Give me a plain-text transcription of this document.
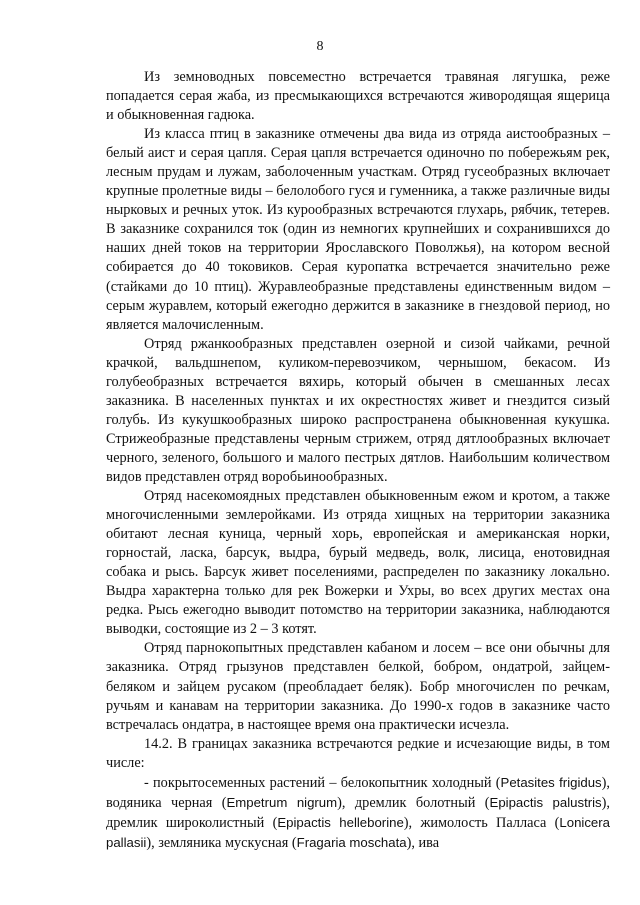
8

Из земноводных повсеместно встречается травяная лягушка, реже попадается серая жаба, из пресмыкающихся встречаются живородящая ящерица и обыкновенная гадюка.

Из класса птиц в заказнике отмечены два вида из отряда аистообразных – белый аист и серая цапля. Серая цапля встречается одиночно по побережьям рек, лесным прудам и лужам, заболоченным участкам. Отряд гусеобразных включает крупные пролетные виды – белолобого гуся и гуменника, а также различные виды нырковых и речных уток. Из курообразных встречаются глухарь, рябчик, тетерев. В заказнике сохранился ток (один из немногих крупнейших и сохранившихся до наших дней токов на территории Ярославского Поволжья), на котором весной собирается до 40 токовиков. Серая куропатка встречается значительно реже (стайками до 10 птиц). Журавлеобразные представлены единственным видом – серым журавлем, который ежегодно держится в заказнике в гнездовой период, но является малочисленным.

Отряд ржанкообразных представлен озерной и сизой чайками, речной крачкой, вальдшнепом, куликом-перевозчиком, чернышом, бекасом. Из голубеобразных встречается вяхирь, который обычен в смешанных лесах заказника. В населенных пунктах и их окрестностях живет и гнездится сизый голубь. Из кукушкообразных широко распространена обыкновенная кукушка. Стрижеобразные представлены черным стрижем, отряд дятлообразных включает черного, зеленого, большого и малого пестрых дятлов. Наибольшим количеством видов представлен отряд воробьинообразных.

Отряд насекомоядных представлен обыкновенным ежом и кротом, а также многочисленными землеройками. Из отряда хищных на территории заказника обитают лесная куница, черный хорь, европейская и американская норки, горностай, ласка, барсук, выдра, бурый медведь, волк, лисица, енотовидная собака и рысь. Барсук живет поселениями, распределен по заказнику локально. Выдра характерна только для рек Вожерки и Ухры, во всех других местах она редка. Рысь ежегодно выводит потомство на территории заказника, наблюдаются выводки, состоящие из 2 – 3 котят.

Отряд парнокопытных представлен кабаном и лосем – все они обычны для заказника. Отряд грызунов представлен белкой, бобром, ондатрой, зайцем-беляком и зайцем русаком (преобладает беляк). Бобр многочислен по речкам, ручьям и канавам на территории заказника. До 1990-х годов в заказнике часто встречалась ондатра, в настоящее время она практически исчезла.

14.2. В границах заказника встречаются редкие и исчезающие виды, в том числе:

- покрытосеменных растений – белокопытник холодный (Petasites frigidus), водяника черная (Empetrum nigrum), дремлик болотный (Epipactis palustris), дремлик широколистный (Epipactis helleborine), жимолость Палласа (Lonicera pallasii), земляника мускусная (Fragaria moschata), ива
